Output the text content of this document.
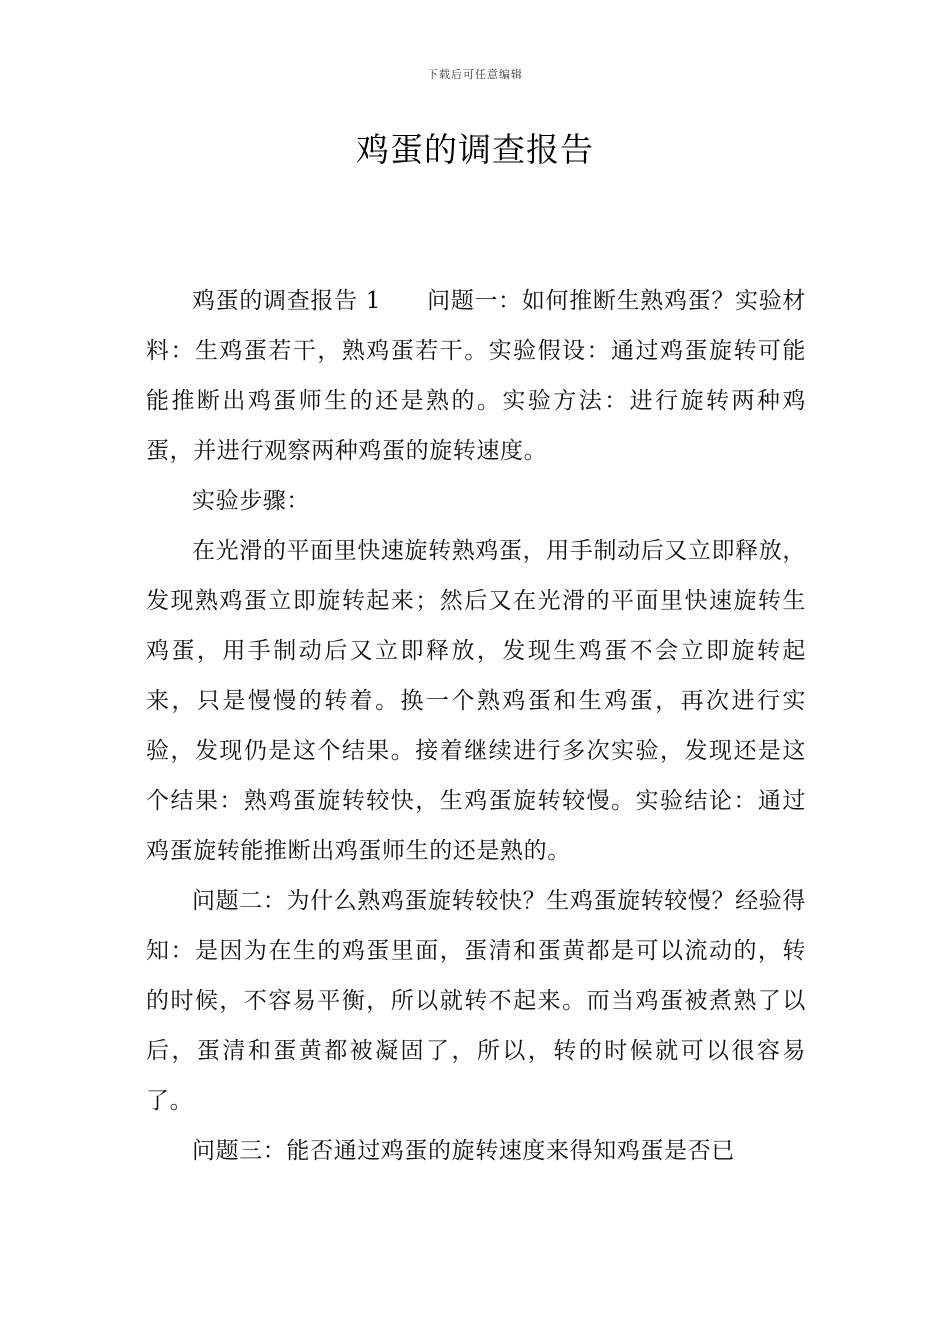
下载后可任意编辑
鸡蛋的调查报告

鸡蛋的调查报告 1 问题一：如何推断生熟鸡蛋？实验材料：生鸡蛋若干，熟鸡蛋若干。实验假设：通过鸡蛋旋转可能能推断出鸡蛋师生的还是熟的。实验方法：进行旋转两种鸡蛋，并进行观察两种鸡蛋的旋转速度。

实验步骤：

在光滑的平面里快速旋转熟鸡蛋，用手制动后又立即释放，发现熟鸡蛋立即旋转起来；然后又在光滑的平面里快速旋转生鸡蛋，用手制动后又立即释放，发现生鸡蛋不会立即旋转起来，只是慢慢的转着。换一个熟鸡蛋和生鸡蛋，再次进行实验，发现仍是这个结果。接着继续进行多次实验，发现还是这个结果：熟鸡蛋旋转较快，生鸡蛋旋转较慢。实验结论：通过鸡蛋旋转能推断出鸡蛋师生的还是熟的。

问题二：为什么熟鸡蛋旋转较快？生鸡蛋旋转较慢？经验得知：是因为在生的鸡蛋里面，蛋清和蛋黄都是可以流动的，转的时候，不容易平衡，所以就转不起来。而当鸡蛋被煮熟了以后，蛋清和蛋黄都被凝固了，所以，转的时候就可以很容易了。

问题三：能否通过鸡蛋的旋转速度来得知鸡蛋是否已
